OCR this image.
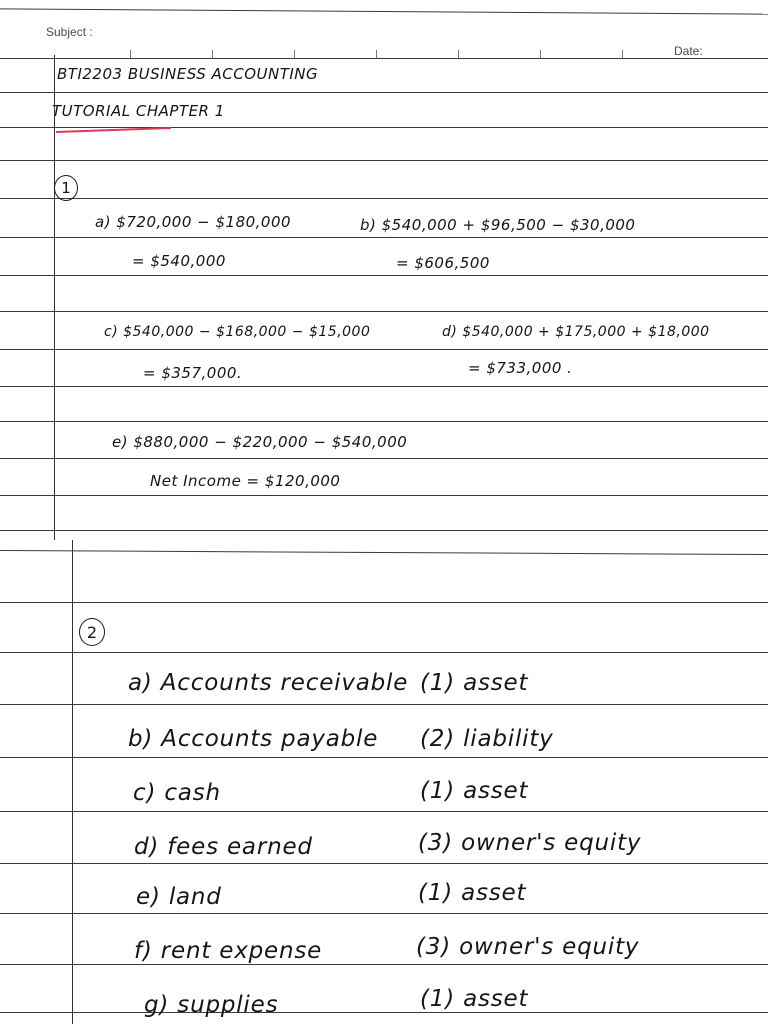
Subject :
Date:

BTI2203 BUSINESS ACCOUNTING
TUTORIAL CHAPTER 1
1
a) $720,000 − $180,000
= $540,000
b) $540,000 + $96,500 − $30,000
= $606,500
c) $540,000 − $168,000 − $15,000
= $357,000.
d) $540,000 + $175,000 + $18,000
= $733,000 .
e) $880,000 − $220,000 − $540,000
Net Income = $120,000
2
a) Accounts receivable (1) asset
b) Accounts payable (2) liability
c) cash	(1) asset
d) fees earned	(3) owner's equity
e) land	(1) asset
f) rent expense	(3) owner's equity
g) supplies	(1) asset
